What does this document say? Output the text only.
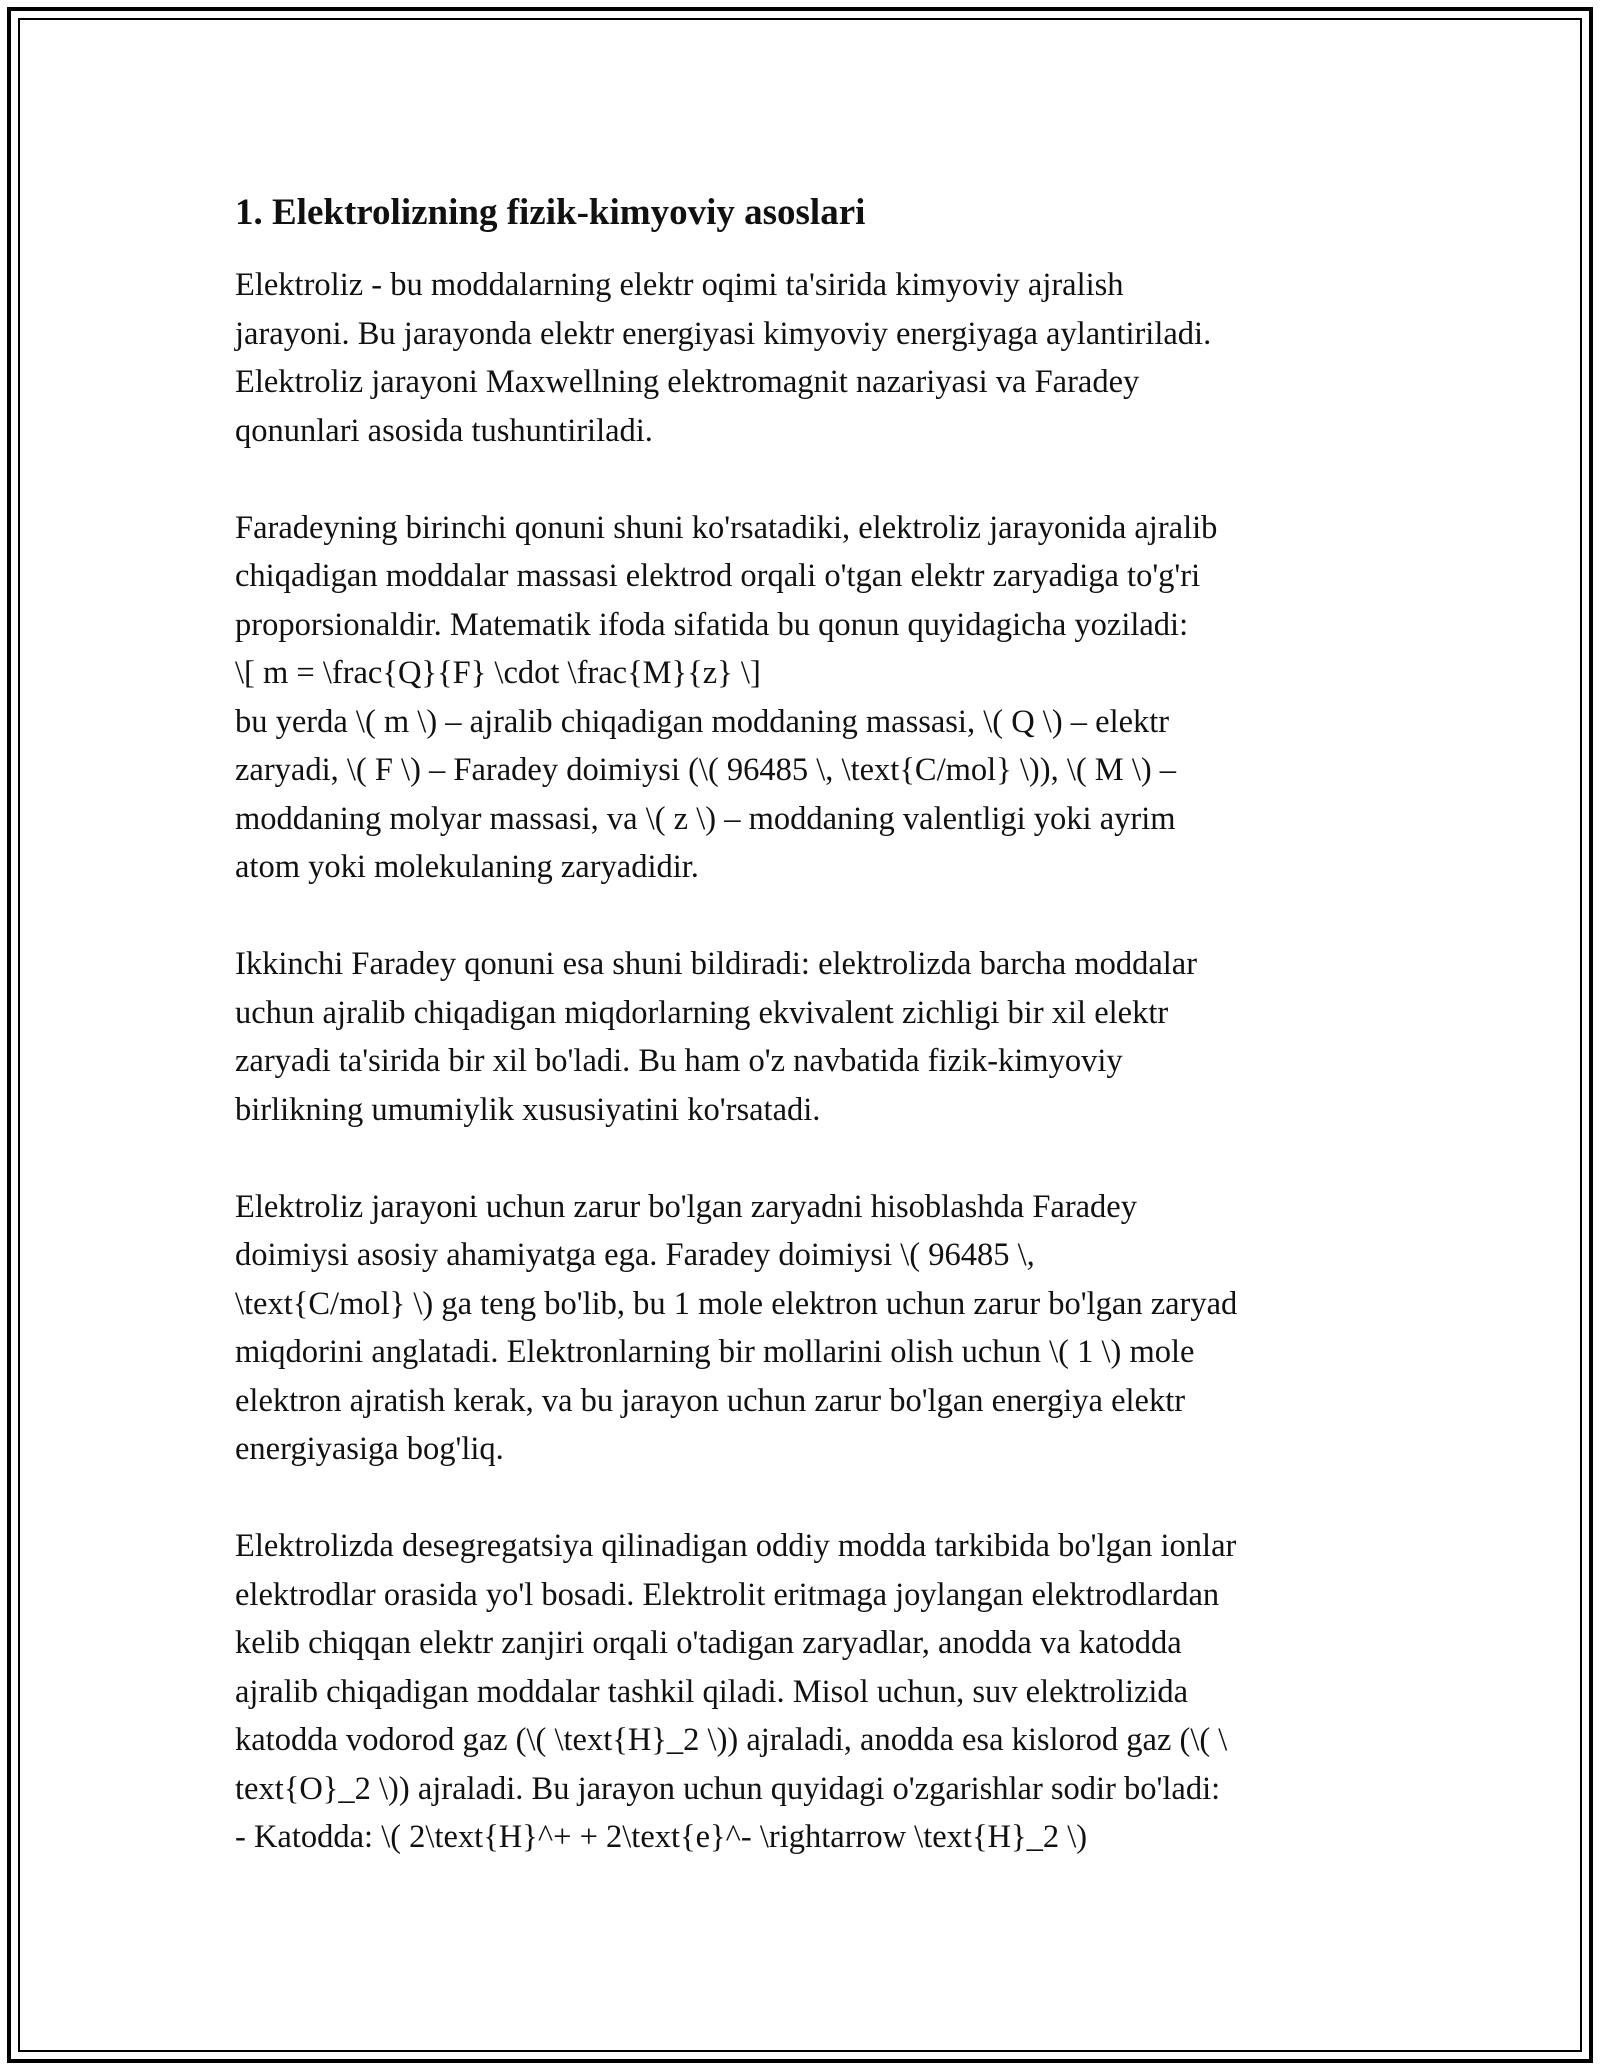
1. Elektrolizning fizik-kimyoviy asoslari

Elektroliz - bu moddalarning elektr oqimi ta'sirida kimyoviy ajralish
jarayoni. Bu jarayonda elektr energiyasi kimyoviy energiyaga aylantiriladi.
Elektroliz jarayoni Maxwellning elektromagnit nazariyasi va Faradey
qonunlari asosida tushuntiriladi.

Faradeyning birinchi qonuni shuni ko'rsatadiki, elektroliz jarayonida ajralib
chiqadigan moddalar massasi elektrod orqali o'tgan elektr zaryadiga to'g'ri
proporsionaldir. Matematik ifoda sifatida bu qonun quyidagicha yoziladi:
\[ m = \frac{Q}{F} \cdot \frac{M}{z} \]
bu yerda \( m \) – ajralib chiqadigan moddaning massasi, \( Q \) – elektr
zaryadi, \( F \) – Faradey doimiysi (\( 96485 \, \text{C/mol} \)), \( M \) –
moddaning molyar massasi, va \( z \) – moddaning valentligi yoki ayrim
atom yoki molekulaning zaryadidir.

Ikkinchi Faradey qonuni esa shuni bildiradi: elektrolizda barcha moddalar
uchun ajralib chiqadigan miqdorlarning ekvivalent zichligi bir xil elektr
zaryadi ta'sirida bir xil bo'ladi. Bu ham o'z navbatida fizik-kimyoviy
birlikning umumiylik xususiyatini ko'rsatadi.

Elektroliz jarayoni uchun zarur bo'lgan zaryadni hisoblashda Faradey
doimiysi asosiy ahamiyatga ega. Faradey doimiysi \( 96485 \,
\text{C/mol} \) ga teng bo'lib, bu 1 mole elektron uchun zarur bo'lgan zaryad
miqdorini anglatadi. Elektronlarning bir mollarini olish uchun \( 1 \) mole
elektron ajratish kerak, va bu jarayon uchun zarur bo'lgan energiya elektr
energiyasiga bog'liq.

Elektrolizda desegregatsiya qilinadigan oddiy modda tarkibida bo'lgan ionlar
elektrodlar orasida yo'l bosadi. Elektrolit eritmaga joylangan elektrodlardan
kelib chiqqan elektr zanjiri orqali o'tadigan zaryadlar, anodda va katodda
ajralib chiqadigan moddalar tashkil qiladi. Misol uchun, suv elektrolizida
katodda vodorod gaz (\( \text{H}_2 \)) ajraladi, anodda esa kislorod gaz (\( \
text{O}_2 \)) ajraladi. Bu jarayon uchun quyidagi o'zgarishlar sodir bo'ladi:
- Katodda: \( 2\text{H}^+ + 2\text{e}^- \rightarrow \text{H}_2 \)
